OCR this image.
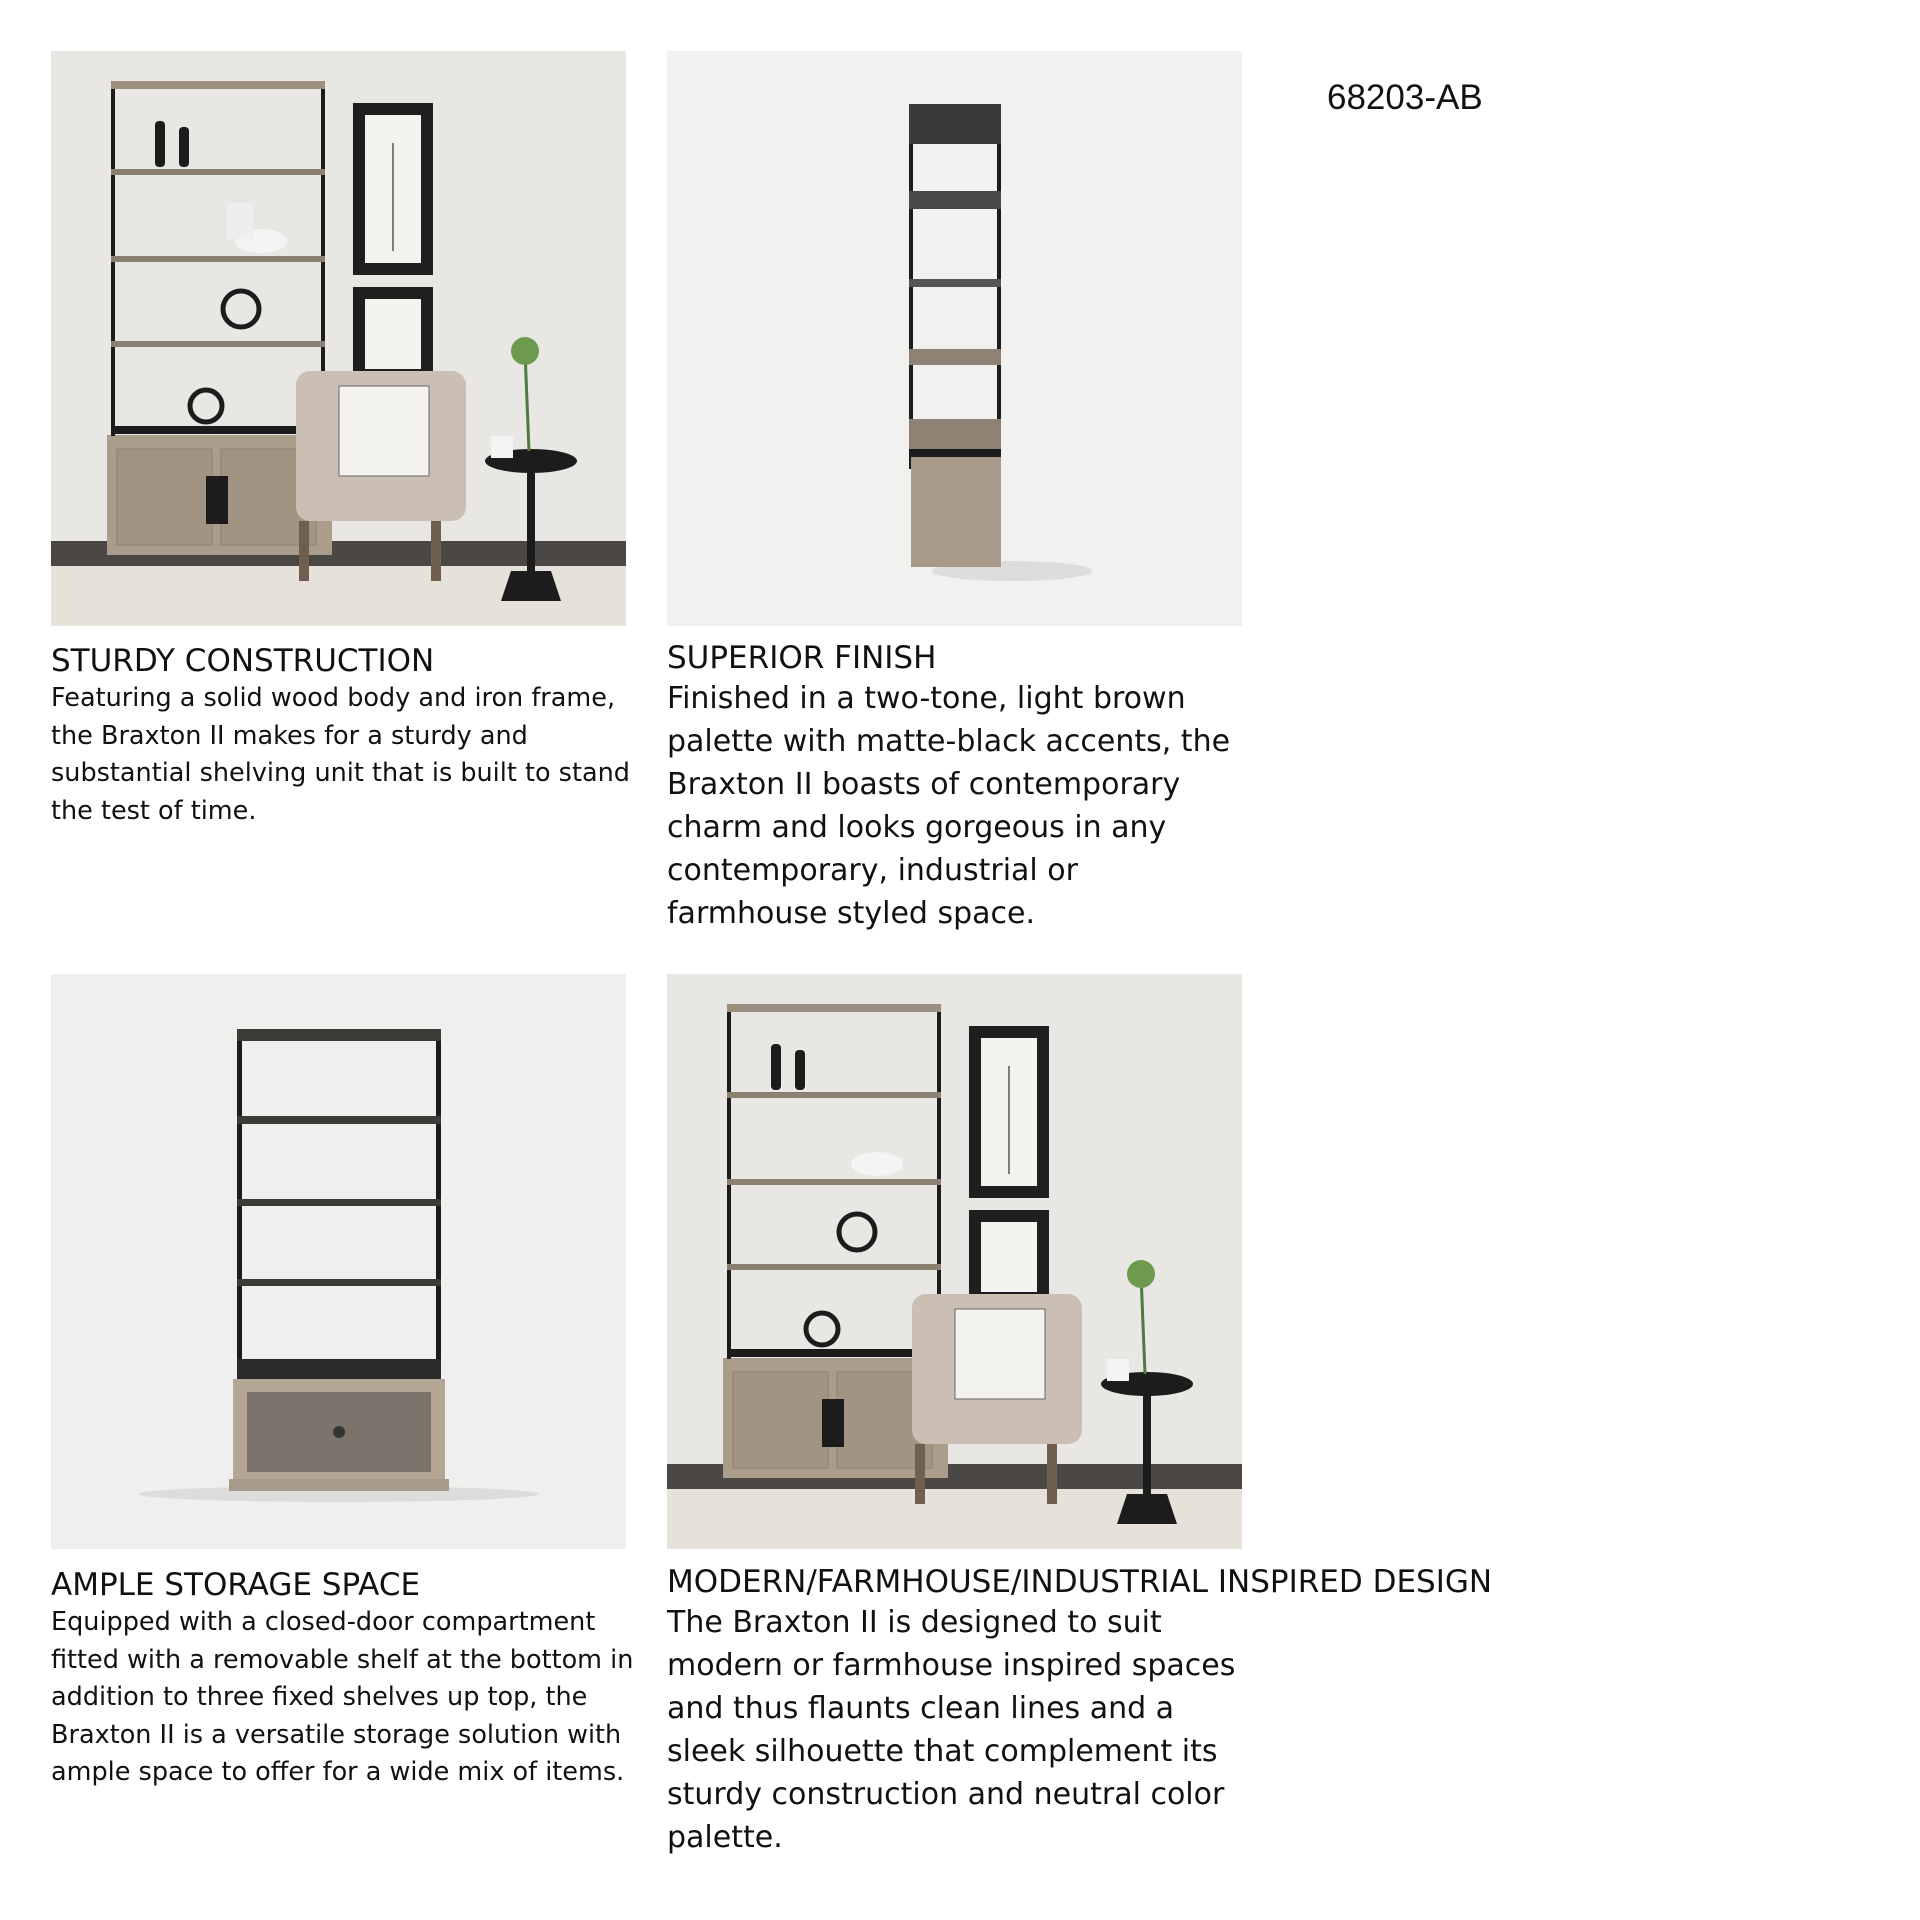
68203-AB
STURDY CONSTRUCTION
Featuring a solid wood body and iron frame, the Braxton II makes for a sturdy and substantial shelving unit that is built to stand the test of time.
SUPERIOR FINISH
Finished in a two-tone, light brown palette with matte-black accents, the Braxton II boasts of contemporary charm and looks gorgeous in any contemporary, industrial or farmhouse styled space.
AMPLE STORAGE SPACE
Equipped with a closed-door compartment fitted with a removable shelf at the bottom in addition to three fixed shelves up top, the Braxton II is a versatile storage solution with ample space to offer for a wide mix of items.
MODERN/FARMHOUSE/INDUSTRIAL INSPIRED DESIGN
The Braxton II is designed to suit modern or farmhouse inspired spaces and thus flaunts clean lines and a sleek silhouette that complement its sturdy construction and neutral color palette.
